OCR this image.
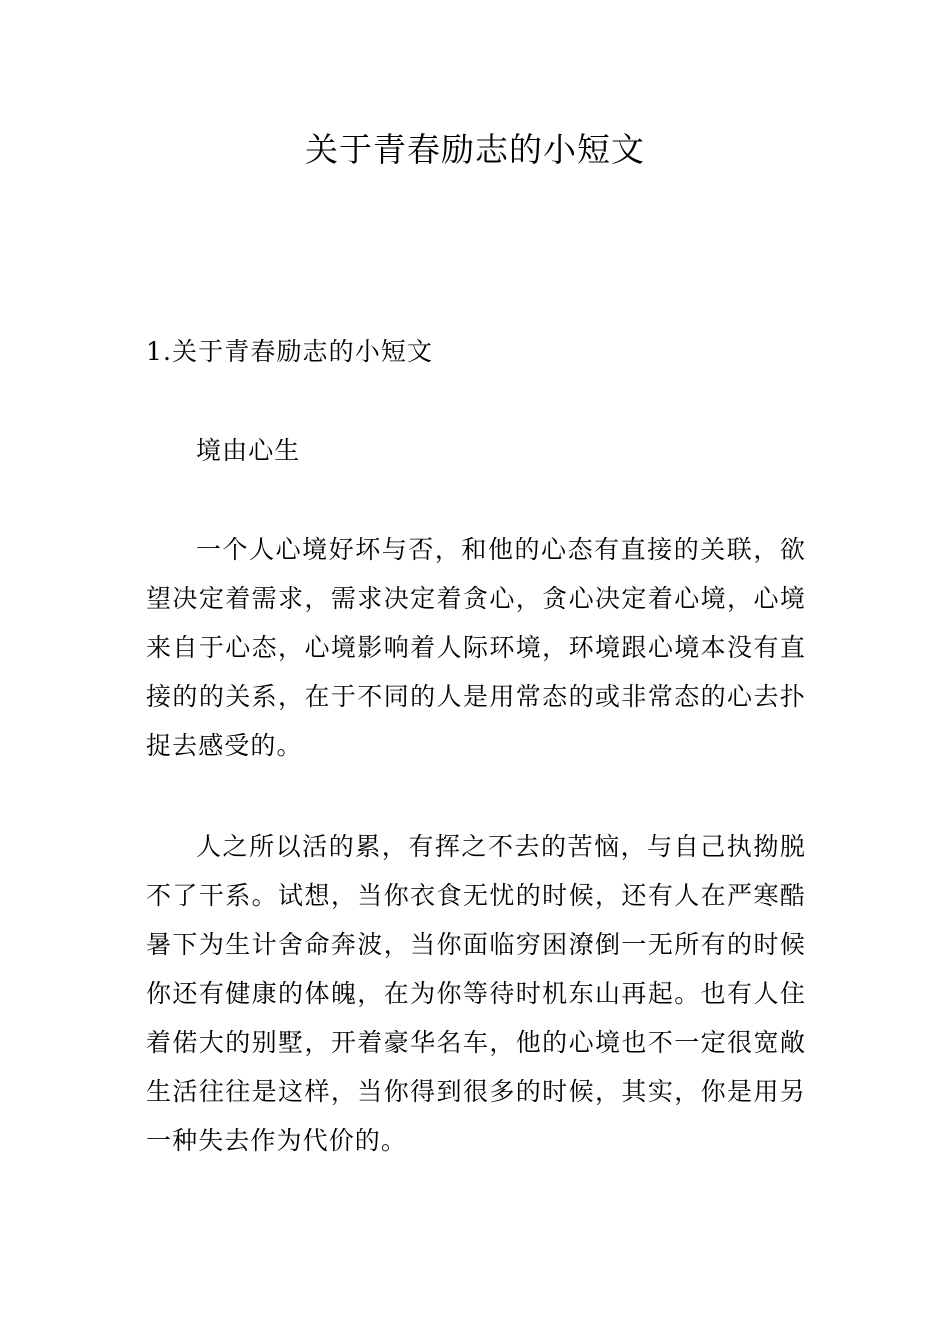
关于青春励志的小短文

1.关于青春励志的小短文

境由心生

一个人心境好坏与否，和他的心态有直接的关联，欲望决定着需求，需求决定着贪心，贪心决定着心境，心境来自于心态，心境影响着人际环境，环境跟心境本没有直接的的关系，在于不同的人是用常态的或非常态的心去扑捉去感受的。

人之所以活的累，有挥之不去的苦恼，与自己执拗脱不了干系。试想，当你衣食无忧的时候，还有人在严寒酷暑下为生计舍命奔波，当你面临穷困潦倒一无所有的时候你还有健康的体魄，在为你等待时机东山再起。也有人住着偌大的别墅，开着豪华名车，他的心境也不一定很宽敞生活往往是这样，当你得到很多的时候，其实，你是用另一种失去作为代价的。
